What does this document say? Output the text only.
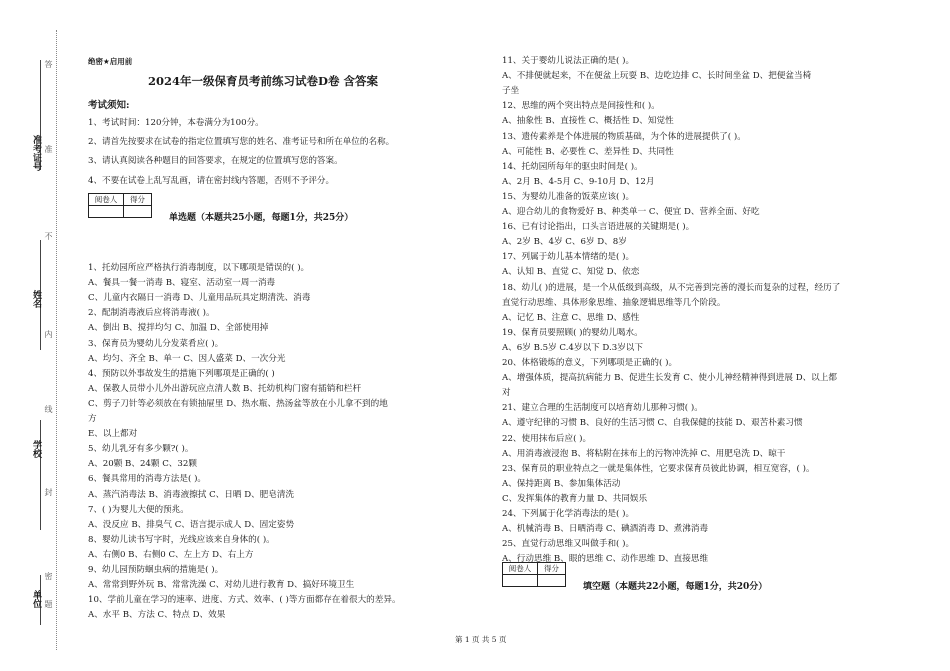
准考证号
姓名
学校
单位
答
准
不
内
线
封
密
题
绝密★启用前
2024年一级保育员考前练习试卷D卷 含答案
考试须知:
1、考试时间：120分钟，本卷满分为100分。
2、请首先按要求在试卷的指定位置填写您的姓名、准考证号和所在单位的名称。
3、请认真阅读各种题目的回答要求，在规定的位置填写您的答案。
4、不要在试卷上乱写乱画，请在密封线内答题，否则不予评分。
阅卷人	得分

单选题（本题共25小题，每题1分，共25分）
1、托幼园所应严格执行消毒制度，以下哪项是错误的( )。
A、餐具一餐一消毒 B、寝室、活动室一周一消毒
C、儿童内衣隔日一消毒 D、儿童用品玩具定期清洗、消毒
2、配制消毒液后应将消毒液( )。
A、倒出 B、搅拌均匀 C、加温 D、全部使用掉
3、保育员为婴幼儿分发菜肴应( )。
A、均匀、齐全 B、单一 C、因人盛菜 D、一次分光
4、预防以外事故发生的措施下列哪项是正确的( )
A、保教人员带小儿外出游玩应点清人数 B、托幼机构门窗有插销和栏杆
C、剪子刀针等必须放在有锁抽屉里 D、热水瓶、热汤盆等放在小儿拿不到的地
方
E、以上都对
5、幼儿乳牙有多少颗?( )。
A、20颗 B、24颗 C、32颗
6、餐具常用的消毒方法是( )。
A、蒸汽消毒法 B、消毒液擦拭 C、日晒 D、肥皂清洗
7、( )为婴儿大便的预兆。
A、没反应 B、排臭气 C、语言提示成人 D、固定姿势
8、婴幼儿读书写字时，光线应该来自身体的( )。
A、右侧0 B、右侧0 C、左上方 D、右上方
9、幼儿园预防蛔虫病的措施是( )。
A、常常到野外玩 B、常常洗澡 C、对幼儿进行教育 D、搞好环境卫生
10、学前儿童在学习的速率、进度、方式、效率、( )等方面都存在着很大的差异。
A、水平 B、方法 C、特点 D、效果
11、关于婴幼儿说法正确的是( )。
A、不排便就起来，不在便盆上玩耍 B、边吃边排 C、长时间坐盆 D、把便盆当椅
子坐
12、思维的两个突出特点是间接性和( )。
A、抽象性 B、直接性 C、概括性 D、知觉性
13、遗传素养是个体进展的物质基础，为个体的进展提供了( )。
A、可能性 B、必要性 C、差异性 D、共同性
14、托幼园所每年的驱虫时间是( )。
A、2月 B、4-5月 C、9-10月 D、12月
15、为婴幼儿准备的饭菜应该( )。
A、迎合幼儿的食物爱好 B、种类单一 C、便宜 D、营养全面、好吃
16、已有讨论指出，口头言语进展的关键期是( )。
A、2岁 B、4岁 C、6岁 D、8岁
17、列属于幼儿基本情绪的是( )。
A、认知 B、直觉 C、知觉 D、依恋
18、幼儿( )的进展，是一个从低级到高级，从不完善到完善的漫长而复杂的过程，经历了
直觉行动思维、具体形象思维、抽象逻辑思维等几个阶段。
A、记忆 B、注意 C、思维 D、感性
19、保育员要照顾( )的婴幼儿喝水。
A、6岁 B.5岁 C.4岁以下 D.3岁以下
20、体格锻炼的意义，下列哪项是正确的( )。
A、增强体质，提高抗病能力 B、促进生长发育 C、使小儿神经精神得到进展 D、以上都
对
21、建立合理的生活制度可以培育幼儿那种习惯( )。
A、遵守纪律的习惯 B、良好的生活习惯 C、自我保健的技能 D、艰苦朴素习惯
22、使用抹布后应( )。
A、用消毒液浸泡 B、将粘附在抹布上的污物冲洗掉 C、用肥皂洗 D、晾干
23、保育员的职业特点之一就是集体性，它要求保育员彼此协调，相互宽容，( )。
A、保持距离 B、参加集体活动
C、发挥集体的教育力量 D、共同娱乐
24、下列属于化学消毒法的是( )。
A、机械消毒 B、日晒消毒 C、碘酒消毒 D、煮沸消毒
25、直觉行动思维又叫做手和( )。
A、行动思维 B、眼的思维 C、动作思维 D、直接思维
阅卷人	得分

填空题（本题共22小题，每题1分，共20分）
第 1 页 共 5 页
